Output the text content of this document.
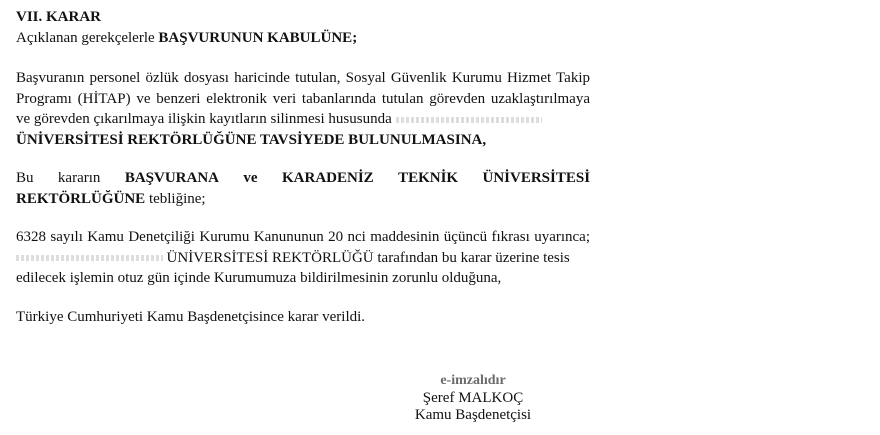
VII. KARAR
Açıklanan gerekçelerle BAŞVURUNUN KABULÜNE;
Başvuranın personel özlük dosyası haricinde tutulan, Sosyal Güvenlik Kurumu Hizmet Takip
Programı (HİTAP) ve benzeri elektronik veri tabanlarında tutulan görevden uzaklaştırılmaya
ve görevden çıkarılmaya ilişkin kayıtların silinmesi hususunda
ÜNİVERSİTESİ REKTÖRLÜĞÜNE TAVSİYEDE BULUNULMASINA,
Bu kararın BAŞVURANA ve KARADENİZ TEKNİK ÜNİVERSİTESİ
REKTÖRLÜĞÜNE tebliğine;
6328 sayılı Kamu Denetçiliği Kurumu Kanununun 20 nci maddesinin üçüncü fıkrası uyarınca;
ÜNİVERSİTESİ REKTÖRLÜĞÜ tarafından bu karar üzerine tesis
edilecek işlemin otuz gün içinde Kurumumuza bildirilmesinin zorunlu olduğuna,
Türkiye Cumhuriyeti Kamu Başdenetçisince karar verildi.
e-imzalıdır
Şeref MALKOÇ
Kamu Başdenetçisi
